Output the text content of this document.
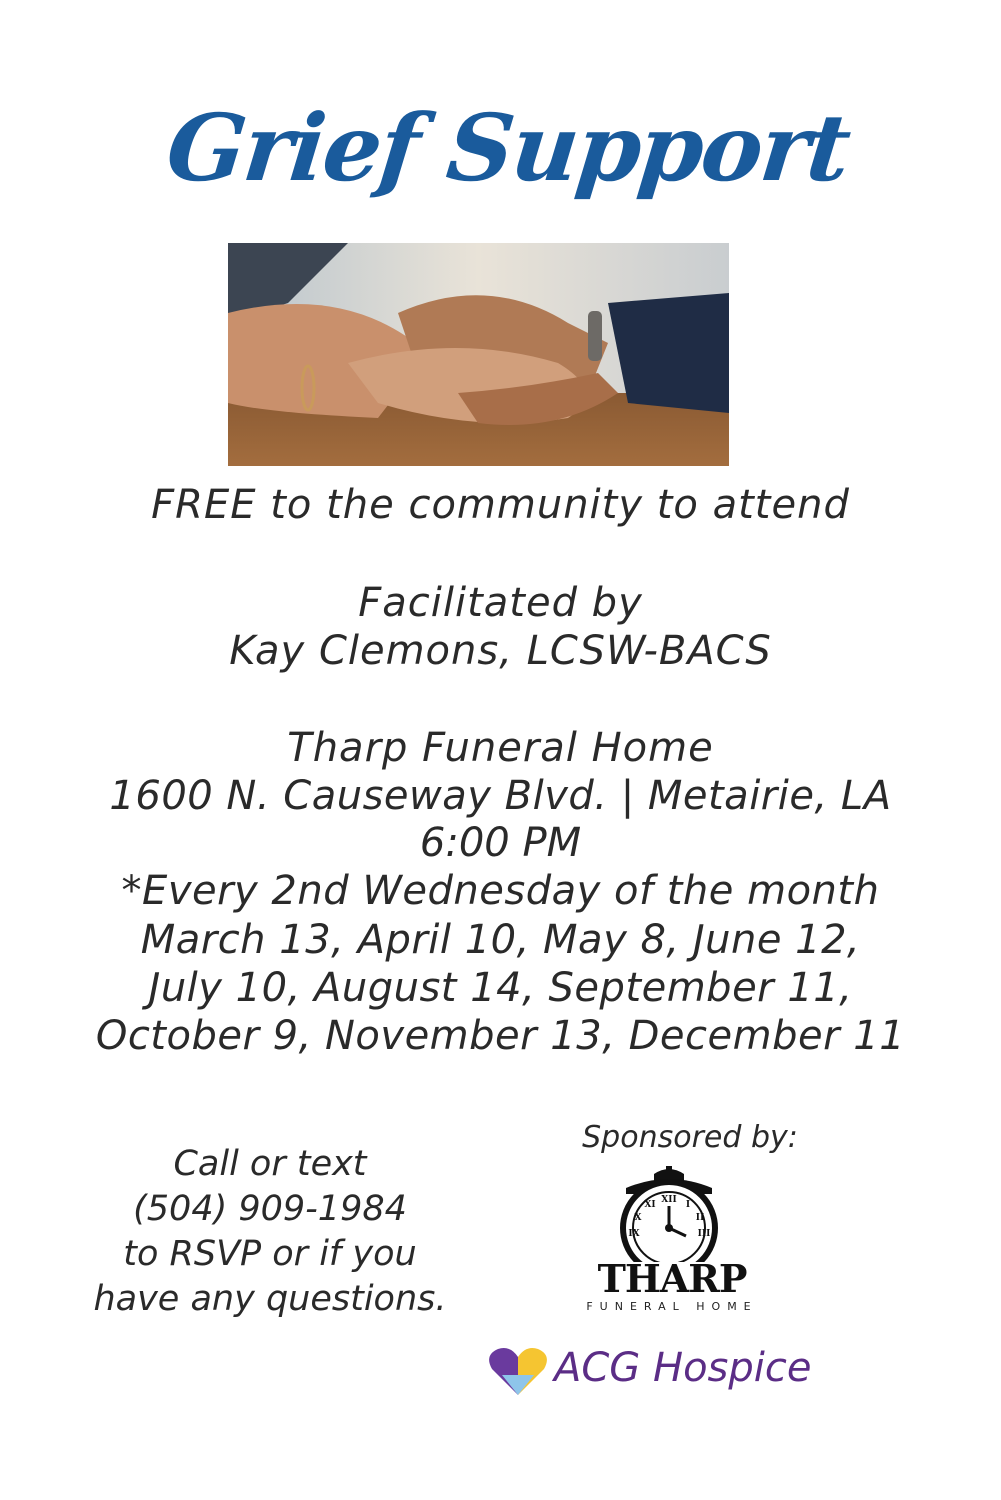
Grief Support
FREE to the community to attend
Facilitated by
Kay Clemons, LCSW-BACS
Tharp Funeral Home
1600 N. Causeway Blvd. | Metairie, LA
6:00 PM
*Every 2nd Wednesday of the month
March 13, April 10, May 8, June 12,
July 10, August 14, September 11,
October 9, November 13, December 11
Call or text
(504) 909-1984
to RSVP or if you
have any questions.
Sponsored by:
XII I
II
XI
X
IX	III
THARP
FUNERAL HOME
ACG Hospice
